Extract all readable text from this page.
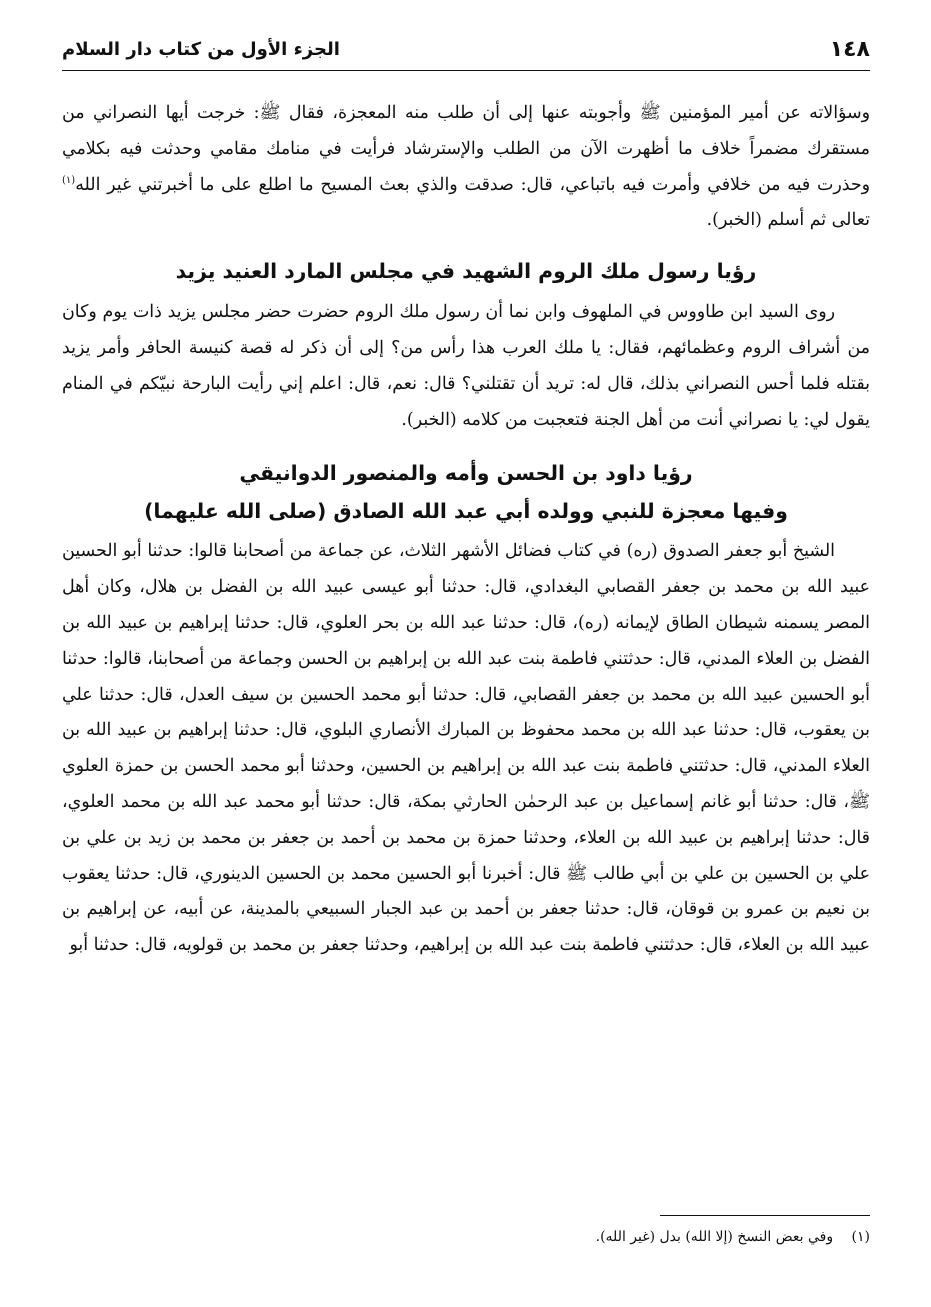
١٤٨
الجزء الأول من كتاب دار السلام

وسؤالاته عن أمير المؤمنين ﷺ وأجوبته عنها إلى أن طلب منه المعجزة، فقال ﷺ: خرجت أيها النصراني من مستقرك مضمراً خلاف ما أظهرت الآن من الطلب والإسترشاد فرأيت في منامك مقامي وحدثت فيه بكلامي وحذرت فيه من خلافي وأمرت فيه باتباعي، قال: صدقت والذي بعث المسيح ما اطلع على ما أخبرتني غير الله$^{(١)}$ تعالى ثم أسلم (الخبر).

رؤيا رسول ملك الروم الشهيد في مجلس المارد العنيد يزيد

روى السيد ابن طاووس في الملهوف وابن نما أن رسول ملك الروم حضرت حضر مجلس يزيد ذات يوم وكان من أشراف الروم وعظمائهم، فقال: يا ملك العرب هذا رأس من؟ إلى أن ذكر له قصة كنيسة الحافر وأمر يزيد بقتله فلما أحس النصراني بذلك، قال له: تريد أن تقتلني؟ قال: نعم، قال: اعلم إني رأيت البارحة نبيّكم في المنام يقول لي: يا نصراني أنت من أهل الجنة فتعجبت من كلامه (الخبر).

رؤيا داود بن الحسن وأمه والمنصور الدوانيقي
وفيها معجزة للنبي وولده أبي عبد الله الصادق (صلى الله عليهما)

الشيخ أبو جعفر الصدوق (ره) في كتاب فضائل الأشهر الثلاث، عن جماعة من أصحابنا قالوا: حدثنا أبو الحسين عبيد الله بن محمد بن جعفر القصابي البغدادي، قال: حدثنا أبو عيسى عبيد الله بن الفضل بن هلال، وكان أهل المصر يسمنه شيطان الطاق لإيمانه (ره)، قال: حدثنا عبد الله بن بحر العلوي، قال: حدثنا إبراهيم بن عبيد الله بن الفضل بن العلاء المدني، قال: حدثتني فاطمة بنت عبد الله بن إبراهيم بن الحسن وجماعة من أصحابنا، قالوا: حدثنا أبو الحسين عبيد الله بن محمد بن جعفر القصابي، قال: حدثنا أبو محمد الحسين بن سيف العدل، قال: حدثنا علي بن يعقوب، قال: حدثنا عبد الله بن محمد محفوظ بن المبارك الأنصاري البلوي، قال: حدثنا إبراهيم بن عبيد الله بن العلاء المدني، قال: حدثتني فاطمة بنت عبد الله بن إبراهيم بن الحسين، وحدثنا أبو محمد الحسن بن حمزة العلوي ﷺ، قال: حدثنا أبو غانم إسماعيل بن عبد الرحمٰن الحارثي بمكة، قال: حدثنا أبو محمد عبد الله بن محمد العلوي، قال: حدثنا إبراهيم بن عبيد الله بن العلاء، وحدثنا حمزة بن محمد بن أحمد بن جعفر بن محمد بن زيد بن علي بن علي بن الحسين بن علي بن أبي طالب ﷺ قال: أخبرنا أبو الحسين محمد بن الحسين الدينوري، قال: حدثنا يعقوب بن نعيم بن عمرو بن قوقان، قال: حدثنا جعفر بن أحمد بن عبد الجبار السبيعي بالمدينة، عن أبيه، عن إبراهيم بن عبيد الله بن العلاء، قال: حدثتني فاطمة بنت عبد الله بن إبراهيم، وحدثنا جعفر بن محمد بن قولويه، قال: حدثنا أبو

(١) وفي بعض النسخ (إلا الله) بدل (غير الله).
